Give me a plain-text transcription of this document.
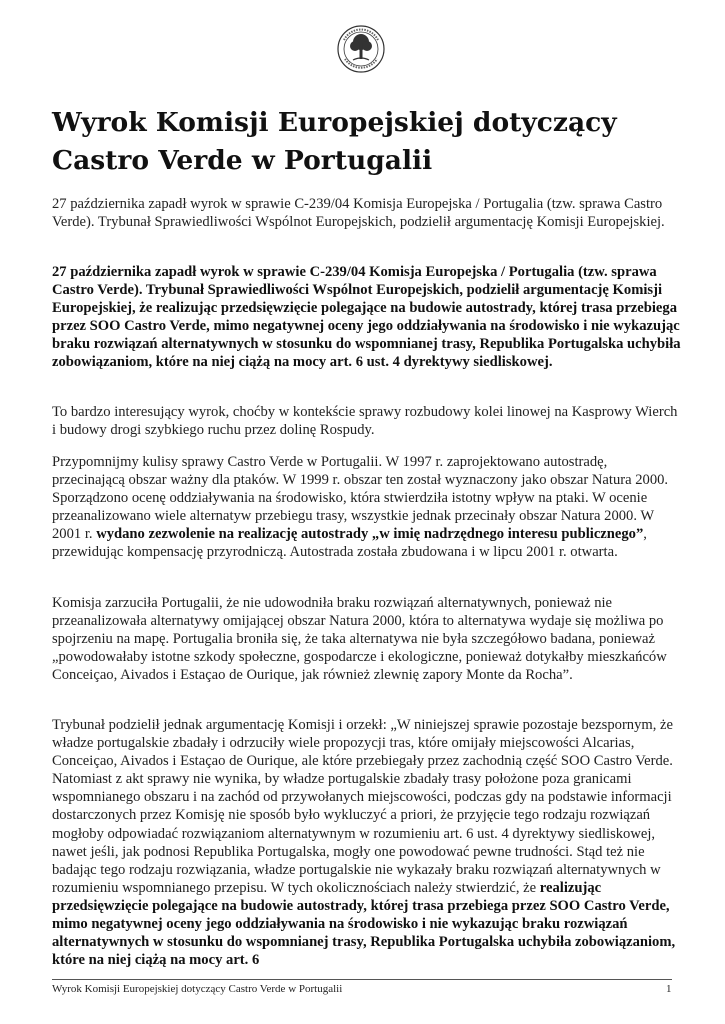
Wyrok Komisji Europejskiej dotyczący Castro Verde w Portugalii

27 października zapadł wyrok w sprawie C-239/04 Komisja Europejska / Portugalia (tzw. sprawa Castro Verde). Trybunał Sprawiedliwości Wspólnot Europejskich, podzielił argumentację Komisji Europejskiej.

27 października zapadł wyrok w sprawie C-239/04 Komisja Europejska / Portugalia (tzw. sprawa Castro Verde). Trybunał Sprawiedliwości Wspólnot Europejskich, podzielił argumentację Komisji Europejskiej, że realizując przedsięwzięcie polegające na budowie autostrady, której trasa przebiega przez SOO Castro Verde, mimo negatywnej oceny jego oddziaływania na środowisko i nie wykazując braku rozwiązań alternatywnych w stosunku do wspomnianej trasy, Republika Portugalska uchybiła zobowiązaniom, które na niej ciążą na mocy art. 6 ust. 4 dyrektywy siedliskowej.

To bardzo interesujący wyrok, choćby w kontekście sprawy rozbudowy kolei linowej na Kasprowy Wierch i budowy drogi szybkiego ruchu przez dolinę Rospudy.

Przypomnijmy kulisy sprawy Castro Verde w Portugalii. W 1997 r. zaprojektowano autostradę, przecinającą obszar ważny dla ptaków. W 1999 r. obszar ten został wyznaczony jako obszar Natura 2000. Sporządzono ocenę oddziaływania na środowisko, która stwierdziła istotny wpływ na ptaki. W ocenie przeanalizowano wiele alternatyw przebiegu trasy, wszystkie jednak przecinały obszar Natura 2000. W 2001 r. wydano zezwolenie na realizację autostrady „w imię nadrzędnego interesu publicznego”, przewidując kompensację przyrodniczą. Autostrada została zbudowana i w lipcu 2001 r. otwarta.

Komisja zarzuciła Portugalii, że nie udowodniła braku rozwiązań alternatywnych, ponieważ nie przeanalizowała alternatywy omijającej obszar Natura 2000, która to alternatywa wydaje się możliwa po spojrzeniu na mapę. Portugalia broniła się, że taka alternatywa nie była szczegółowo badana, ponieważ „powodowałaby istotne szkody społeczne, gospodarcze i ekologiczne, ponieważ dotykałby mieszkańców Conceiçao, Aivados i Estaçao de Ourique, jak również zlewnię zapory Monte da Rocha”.

Trybunał podzielił jednak argumentację Komisji i orzekł: „W niniejszej sprawie pozostaje bezspornym, że władze portugalskie zbadały i odrzuciły wiele propozycji tras, które omijały miejscowości Alcarias, Conceiçao, Aivados i Estaçao de Ourique, ale które przebiegały przez zachodnią część SOO Castro Verde. Natomiast z akt sprawy nie wynika, by władze portugalskie zbadały trasy położone poza granicami wspomnianego obszaru i na zachód od przywołanych miejscowości, podczas gdy na podstawie informacji dostarczonych przez Komisję nie sposób było wykluczyć a priori, że przyjęcie tego rodzaju rozwiązań mogłoby odpowiadać rozwiązaniom alternatywnym w rozumieniu art. 6 ust. 4 dyrektywy siedliskowej, nawet jeśli, jak podnosi Republika Portugalska, mogły one powodować pewne trudności. Stąd też nie badając tego rodzaju rozwiązania, władze portugalskie nie wykazały braku rozwiązań alternatywnych w rozumieniu wspomnianego przepisu. W tych okolicznościach należy stwierdzić, że realizując przedsięwzięcie polegające na budowie autostrady, której trasa przebiega przez SOO Castro Verde, mimo negatywnej oceny jego oddziaływania na środowisko i nie wykazując braku rozwiązań alternatywnych w stosunku do wspomnianej trasy, Republika Portugalska uchybiła zobowiązaniom, które na niej ciążą na mocy art. 6

Wyrok Komisji Europejskiej dotyczący Castro Verde w Portugalii	1
